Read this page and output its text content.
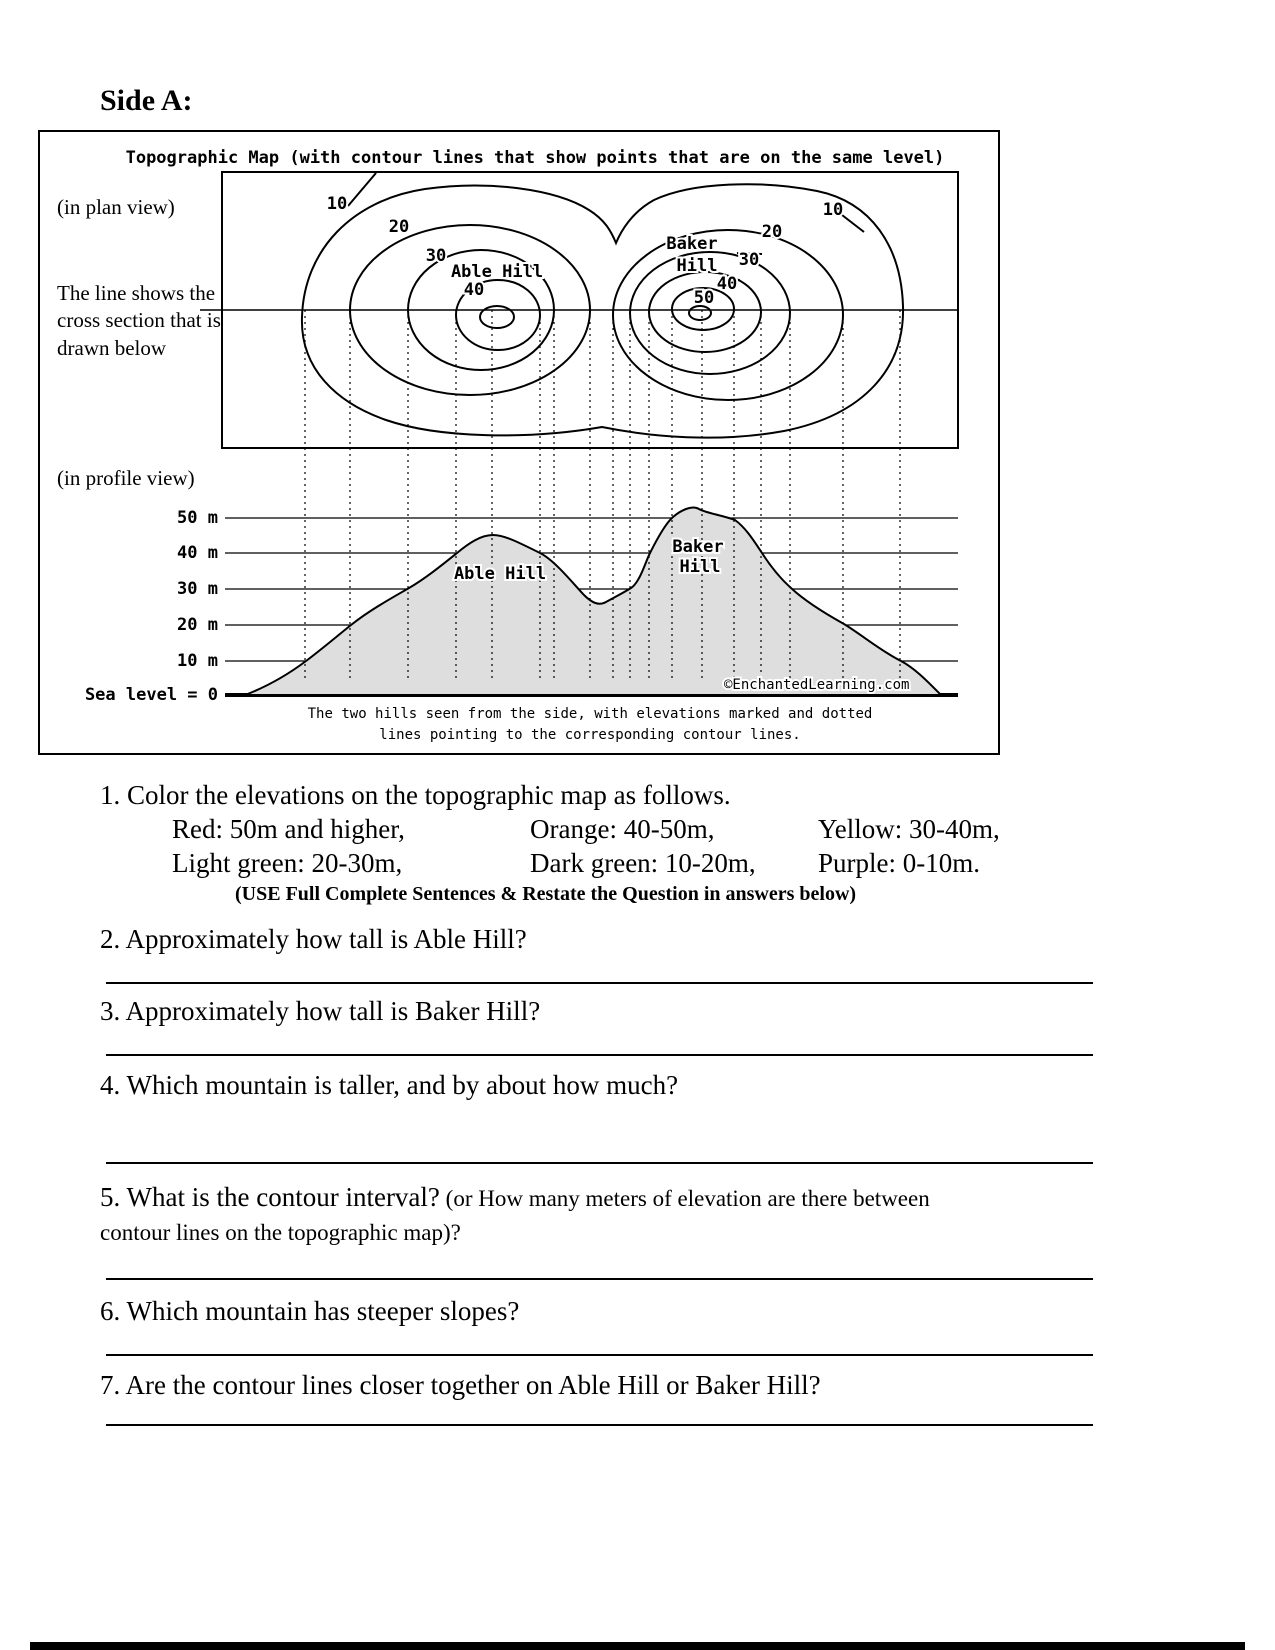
Side A:
(in plan view)
The line shows the cross section that is drawn below
(in profile view)
Topographic Map (with contour lines that show points that are on the same level)
10
20
30
40
10
20
30
40
50
Able Hill
Baker
Hill
50 m
40 m
30 m
20 m
10 m
Sea level = 0
Able Hill
Baker
Hill
©EnchantedLearning.com
The two hills seen from the side, with elevations marked and dotted
lines pointing to the corresponding contour lines.
1. Color the elevations on the topographic map as follows.
Red: 50m and higher,	Orange: 40-50m,	Yellow: 30-40m,
Light green: 20-30m,	Dark green: 10-20m,	Purple: 0-10m.
(USE Full Complete Sentences & Restate the Question in answers below)
2. Approximately how tall is Able Hill?
3. Approximately how tall is Baker Hill?
4. Which mountain is taller, and by about how much?
5. What is the contour interval? (or How many meters of elevation are there between
contour lines on the topographic map)?
6. Which mountain has steeper slopes?
7. Are the contour lines closer together on Able Hill or Baker Hill?
